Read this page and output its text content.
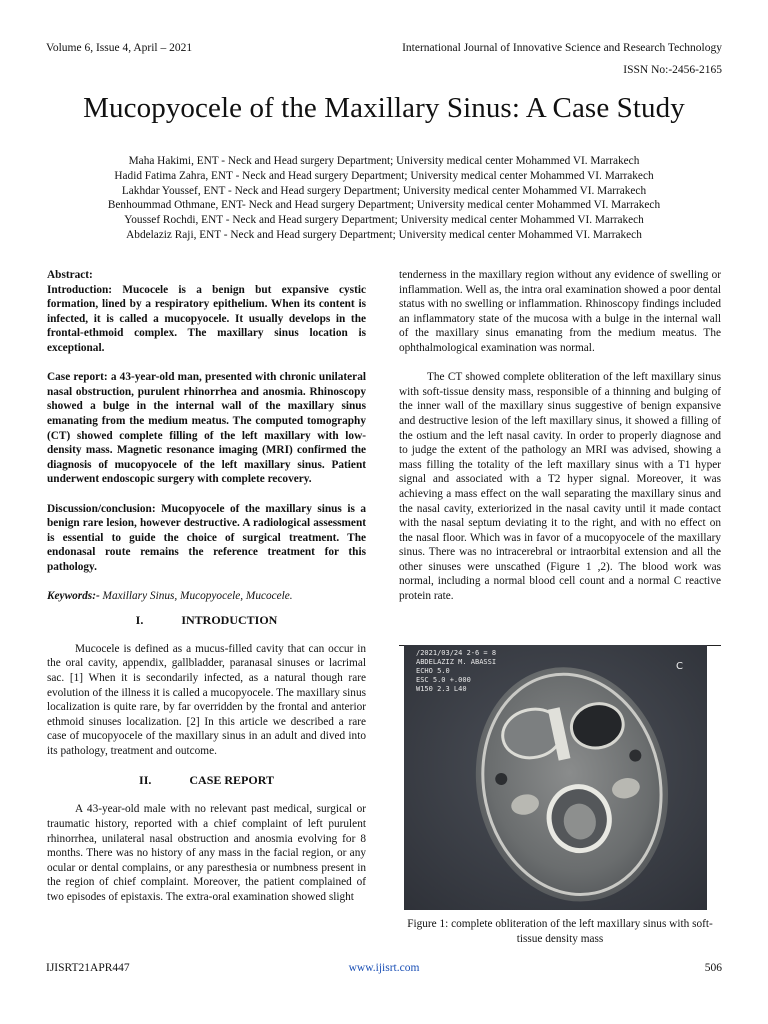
Volume 6, Issue 4, April – 2021	International Journal of Innovative Science and Research Technology
ISSN No:-2456-2165
Mucopyocele of the Maxillary Sinus: A Case Study
Maha Hakimi, ENT - Neck and Head surgery Department; University medical center Mohammed VI. Marrakech
Hadid Fatima Zahra, ENT - Neck and Head surgery Department; University medical center Mohammed VI. Marrakech
Lakhdar Youssef, ENT - Neck and Head surgery Department; University medical center Mohammed VI. Marrakech
Benhoummad Othmane, ENT- Neck and Head surgery Department; University medical center Mohammed VI. Marrakech
Youssef Rochdi, ENT - Neck and Head surgery Department; University medical center Mohammed VI. Marrakech
Abdelaziz Raji, ENT - Neck and Head surgery Department; University medical center Mohammed VI. Marrakech

Abstract:

Introduction: Mucocele is a benign but expansive cystic formation, lined by a respiratory epithelium. When its content is infected, it is called a mucopyocele. It usually develops in the frontal-ethmoid complex. The maxillary sinus location is exceptional.

Case report: a 43-year-old man, presented with chronic unilateral nasal obstruction, purulent rhinorrhea and anosmia. Rhinoscopy showed a bulge in the internal wall of the maxillary sinus emanating from the medium meatus. The computed tomography (CT) showed complete filling of the left maxillary with low-density mass. Magnetic resonance imaging (MRI) confirmed the diagnosis of mucopyocele of the left maxillary sinus. Patient underwent endoscopic surgery with complete recovery.

Discussion/conclusion: Mucopyocele of the maxillary sinus is a benign rare lesion, however destructive. A radiological assessment is essential to guide the choice of surgical treatment. The endonasal route remains the reference treatment for this pathology.

Keywords:- Maxillary Sinus, Mucopyocele, Mucocele.

I.	INTRODUCTION

Mucocele is defined as a mucus-filled cavity that can occur in the oral cavity, appendix, gallbladder, paranasal sinuses or lacrimal sac. [1] When it is secondarily infected, as a natural though rare evolution of the illness it is called a mucopyocele. The maxillary sinus localization is quite rare, by far overridden by the frontal and anterior ethmoid sinuses localization. [2] In this article we described a rare case of mucopyocele of the maxillary sinus in an adult and dived into its pathology, treatment and outcome.

II.	CASE REPORT

A 43-year-old male with no relevant past medical, surgical or traumatic history, reported with a chief complaint of left purulent rhinorrhea, unilateral nasal obstruction and anosmia evolving for 8 months. There was no history of any mass in the facial region, or any ocular or dental complains, or any paresthesia or numbness present in the region of chief complaint. Moreover, the patient complained of two episodes of epistaxis. The extra-oral examination showed slight

tenderness in the maxillary region without any evidence of swelling or inflammation. Well as, the intra oral examination showed a poor dental status with no swelling or inflammation. Rhinoscopy findings included an inflammatory state of the mucosa with a bulge in the internal wall of the maxillary sinus emanating from the medium meatus. The ophthalmological examination was normal.

The CT showed complete obliteration of the left maxillary sinus with soft-tissue density mass, responsible of a thinning and bulging of the inner wall of the maxillary sinus suggestive of benign expansive and destructive lesion of the left maxillary sinus, it showed a filling of the ostium and the left nasal cavity. In order to properly diagnose and to judge the extent of the pathology an MRI was advised, showing a mass filling the totality of the left maxillary sinus with a T1 hyper signal and associated with a T2 hyper signal. Moreover, it was achieving a mass effect on the wall separating the maxillary sinus and the nasal cavity, exteriorized in the nasal cavity until it made contact with the nasal septum deviating it to the right, and with no effect on the nasal floor. Which was in favor of a mucopyocele of the maxillary sinus. There was no intracerebral or intraorbital extension and all the other sinuses were unscathed (Figure 1 ,2). The blood work was normal, including a normal blood cell count and a normal C reactive protein rate.

/2021/03/24 2-6 = 8
ABDELAZIZ M. ABASSI
ECHO 5.0
ESC 5.0 +.000
W150 2.3 L40
C
Figure 1: complete obliteration of the left maxillary sinus with soft-tissue density mass
IJISRT21APR447	www.ijisrt.com	506
